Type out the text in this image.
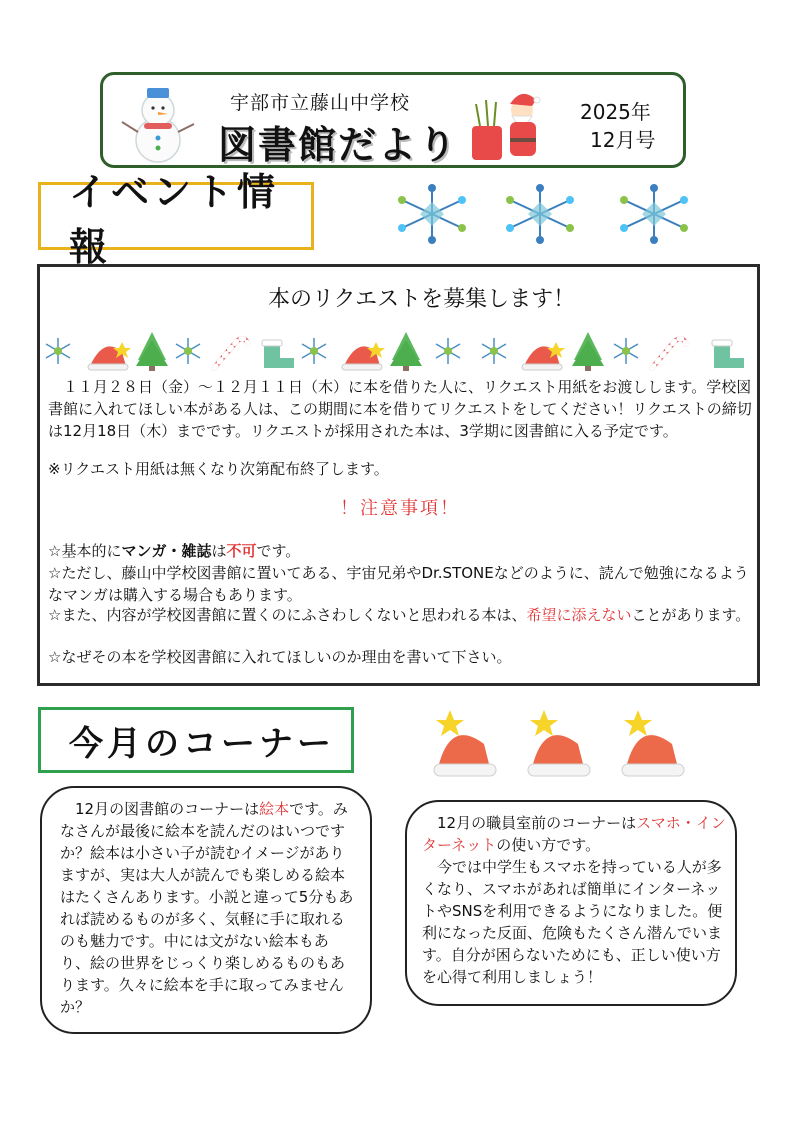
宇部市立藤山中学校
図書館だより
2025年
12月号
イベント情報
本のリクエストを募集します！
　１１月２８日（金）～１２月１１日（木）に本を借りた人に、リクエスト用紙をお渡しします。学校図書館に入れてほしい本がある人は、この期間に本を借りてリクエストをしてください！リクエストの締切は12月18日（木）までです。リクエストが採用された本は、3学期に図書館に入る予定です。
※リクエスト用紙は無くなり次第配布終了します。
！注意事項！
☆基本的にマンガ・雑誌は不可です。
☆ただし、藤山中学校図書館に置いてある、宇宙兄弟やDr.STONEなどのように、読んで勉強になるようなマンガは購入する場合もあります。
☆また、内容が学校図書館に置くのにふさわしくないと思われる本は、希望に添えないことがあります。
☆なぜその本を学校図書館に入れてほしいのか理由を書いて下さい。
今月のコーナー
　12月の図書館のコーナーは絵本です。みなさんが最後に絵本を読んだのはいつですか？絵本は小さい子が読むイメージがありますが、実は大人が読んでも楽しめる絵本はたくさんあります。小説と違って5分もあれば読めるものが多く、気軽に手に取れるのも魅力です。中には文がない絵本もあり、絵の世界をじっくり楽しめるものもあります。久々に絵本を手に取ってみませんか？
　12月の職員室前のコーナーはスマホ・インターネットの使い方です。
　今では中学生もスマホを持っている人が多くなり、スマホがあれば簡単にインターネットやSNSを利用できるようになりました。便利になった反面、危険もたくさん潜んでいます。自分が困らないためにも、正しい使い方を心得て利用しましょう！
